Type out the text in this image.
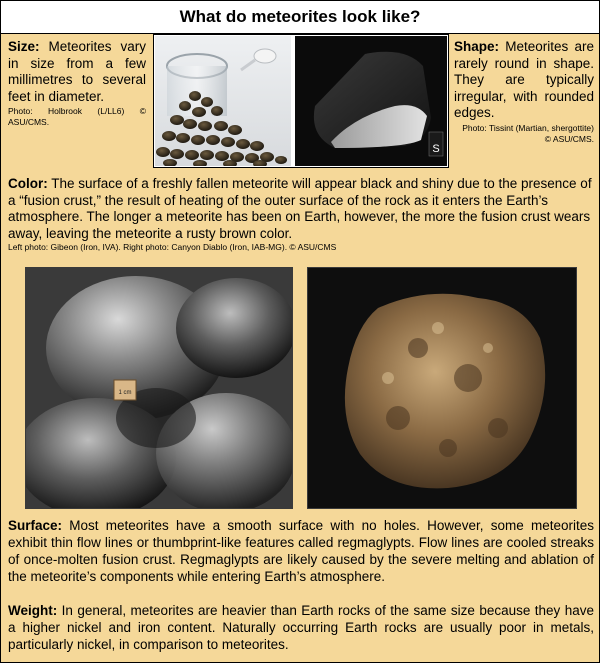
What do meteorites look like?
Size: Meteorites vary in size from a few millimetres to several feet in diameter.
Photo: Holbrook (L/LL6) © ASU/CMS.
S
Shape: Meteorites are rarely round in shape. They are typically irregular, with rounded edges.
Photo: Tissint (Martian, shergottite) © ASU/CMS.
Color: The surface of a freshly fallen meteorite will appear black and shiny due to the presence of a “fusion crust,” the result of heating of the outer surface of the rock as it enters the Earth’s atmosphere. The longer a meteorite has been on Earth, however, the more the fusion crust wears away, leaving the meteorite a rusty brown color.
Left photo: Gibeon (Iron, IVA). Right photo: Canyon Diablo (Iron, IAB-MG). © ASU/CMS
1 cm
Surface: Most meteorites have a smooth surface with no holes. However, some meteorites exhibit thin flow lines or thumbprint-like features called regmaglypts. Flow lines are cooled streaks of once-molten fusion crust. Regmaglypts are likely caused by the severe melting and ablation of the meteorite’s components while entering Earth’s atmosphere.
Weight: In general, meteorites are heavier than Earth rocks of the same size because they have a higher nickel and iron content. Naturally occurring Earth rocks are usually poor in metals, particularly nickel, in comparison to meteorites.
